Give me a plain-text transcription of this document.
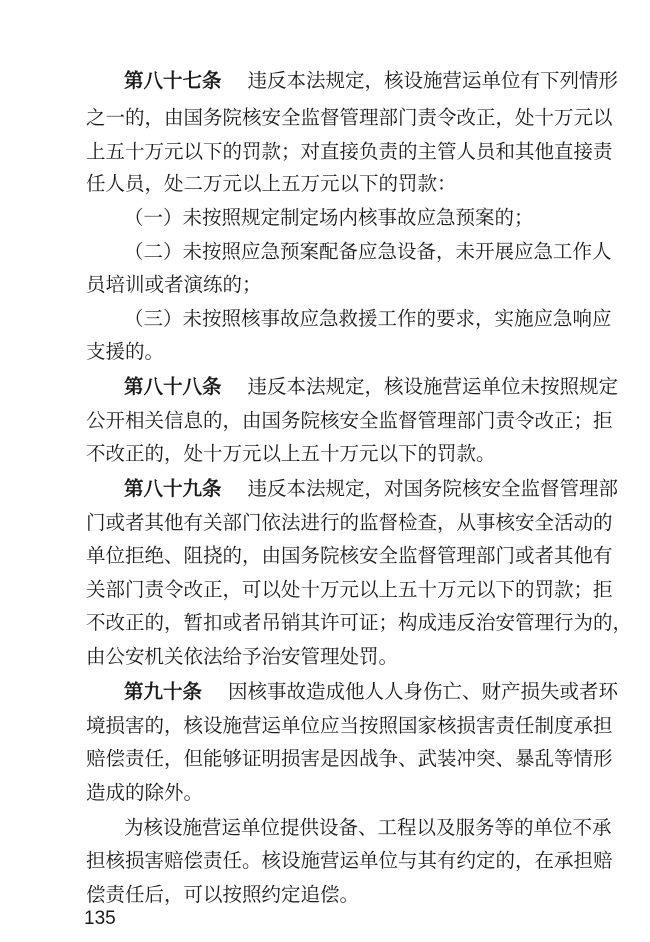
第八十七条 违反本法规定，核设施营运单位有下列情形
之一的，由国务院核安全监督管理部门责令改正，处十万元以
上五十万元以下的罚款；对直接负责的主管人员和其他直接责
任人员，处二万元以上五万元以下的罚款：
（一）未按照规定制定场内核事故应急预案的；
（二）未按照应急预案配备应急设备，未开展应急工作人
员培训或者演练的；
（三）未按照核事故应急救援工作的要求，实施应急响应
支援的。
第八十八条 违反本法规定，核设施营运单位未按照规定
公开相关信息的，由国务院核安全监督管理部门责令改正；拒
不改正的，处十万元以上五十万元以下的罚款。
第八十九条 违反本法规定，对国务院核安全监督管理部
门或者其他有关部门依法进行的监督检查，从事核安全活动的
单位拒绝、阻挠的，由国务院核安全监督管理部门或者其他有
关部门责令改正，可以处十万元以上五十万元以下的罚款；拒
不改正的，暂扣或者吊销其许可证；构成违反治安管理行为的，
由公安机关依法给予治安管理处罚。
第九十条 因核事故造成他人人身伤亡、财产损失或者环
境损害的，核设施营运单位应当按照国家核损害责任制度承担
赔偿责任，但能够证明损害是因战争、武装冲突、暴乱等情形
造成的除外。
为核设施营运单位提供设备、工程以及服务等的单位不承
担核损害赔偿责任。核设施营运单位与其有约定的，在承担赔
偿责任后，可以按照约定追偿。
135
